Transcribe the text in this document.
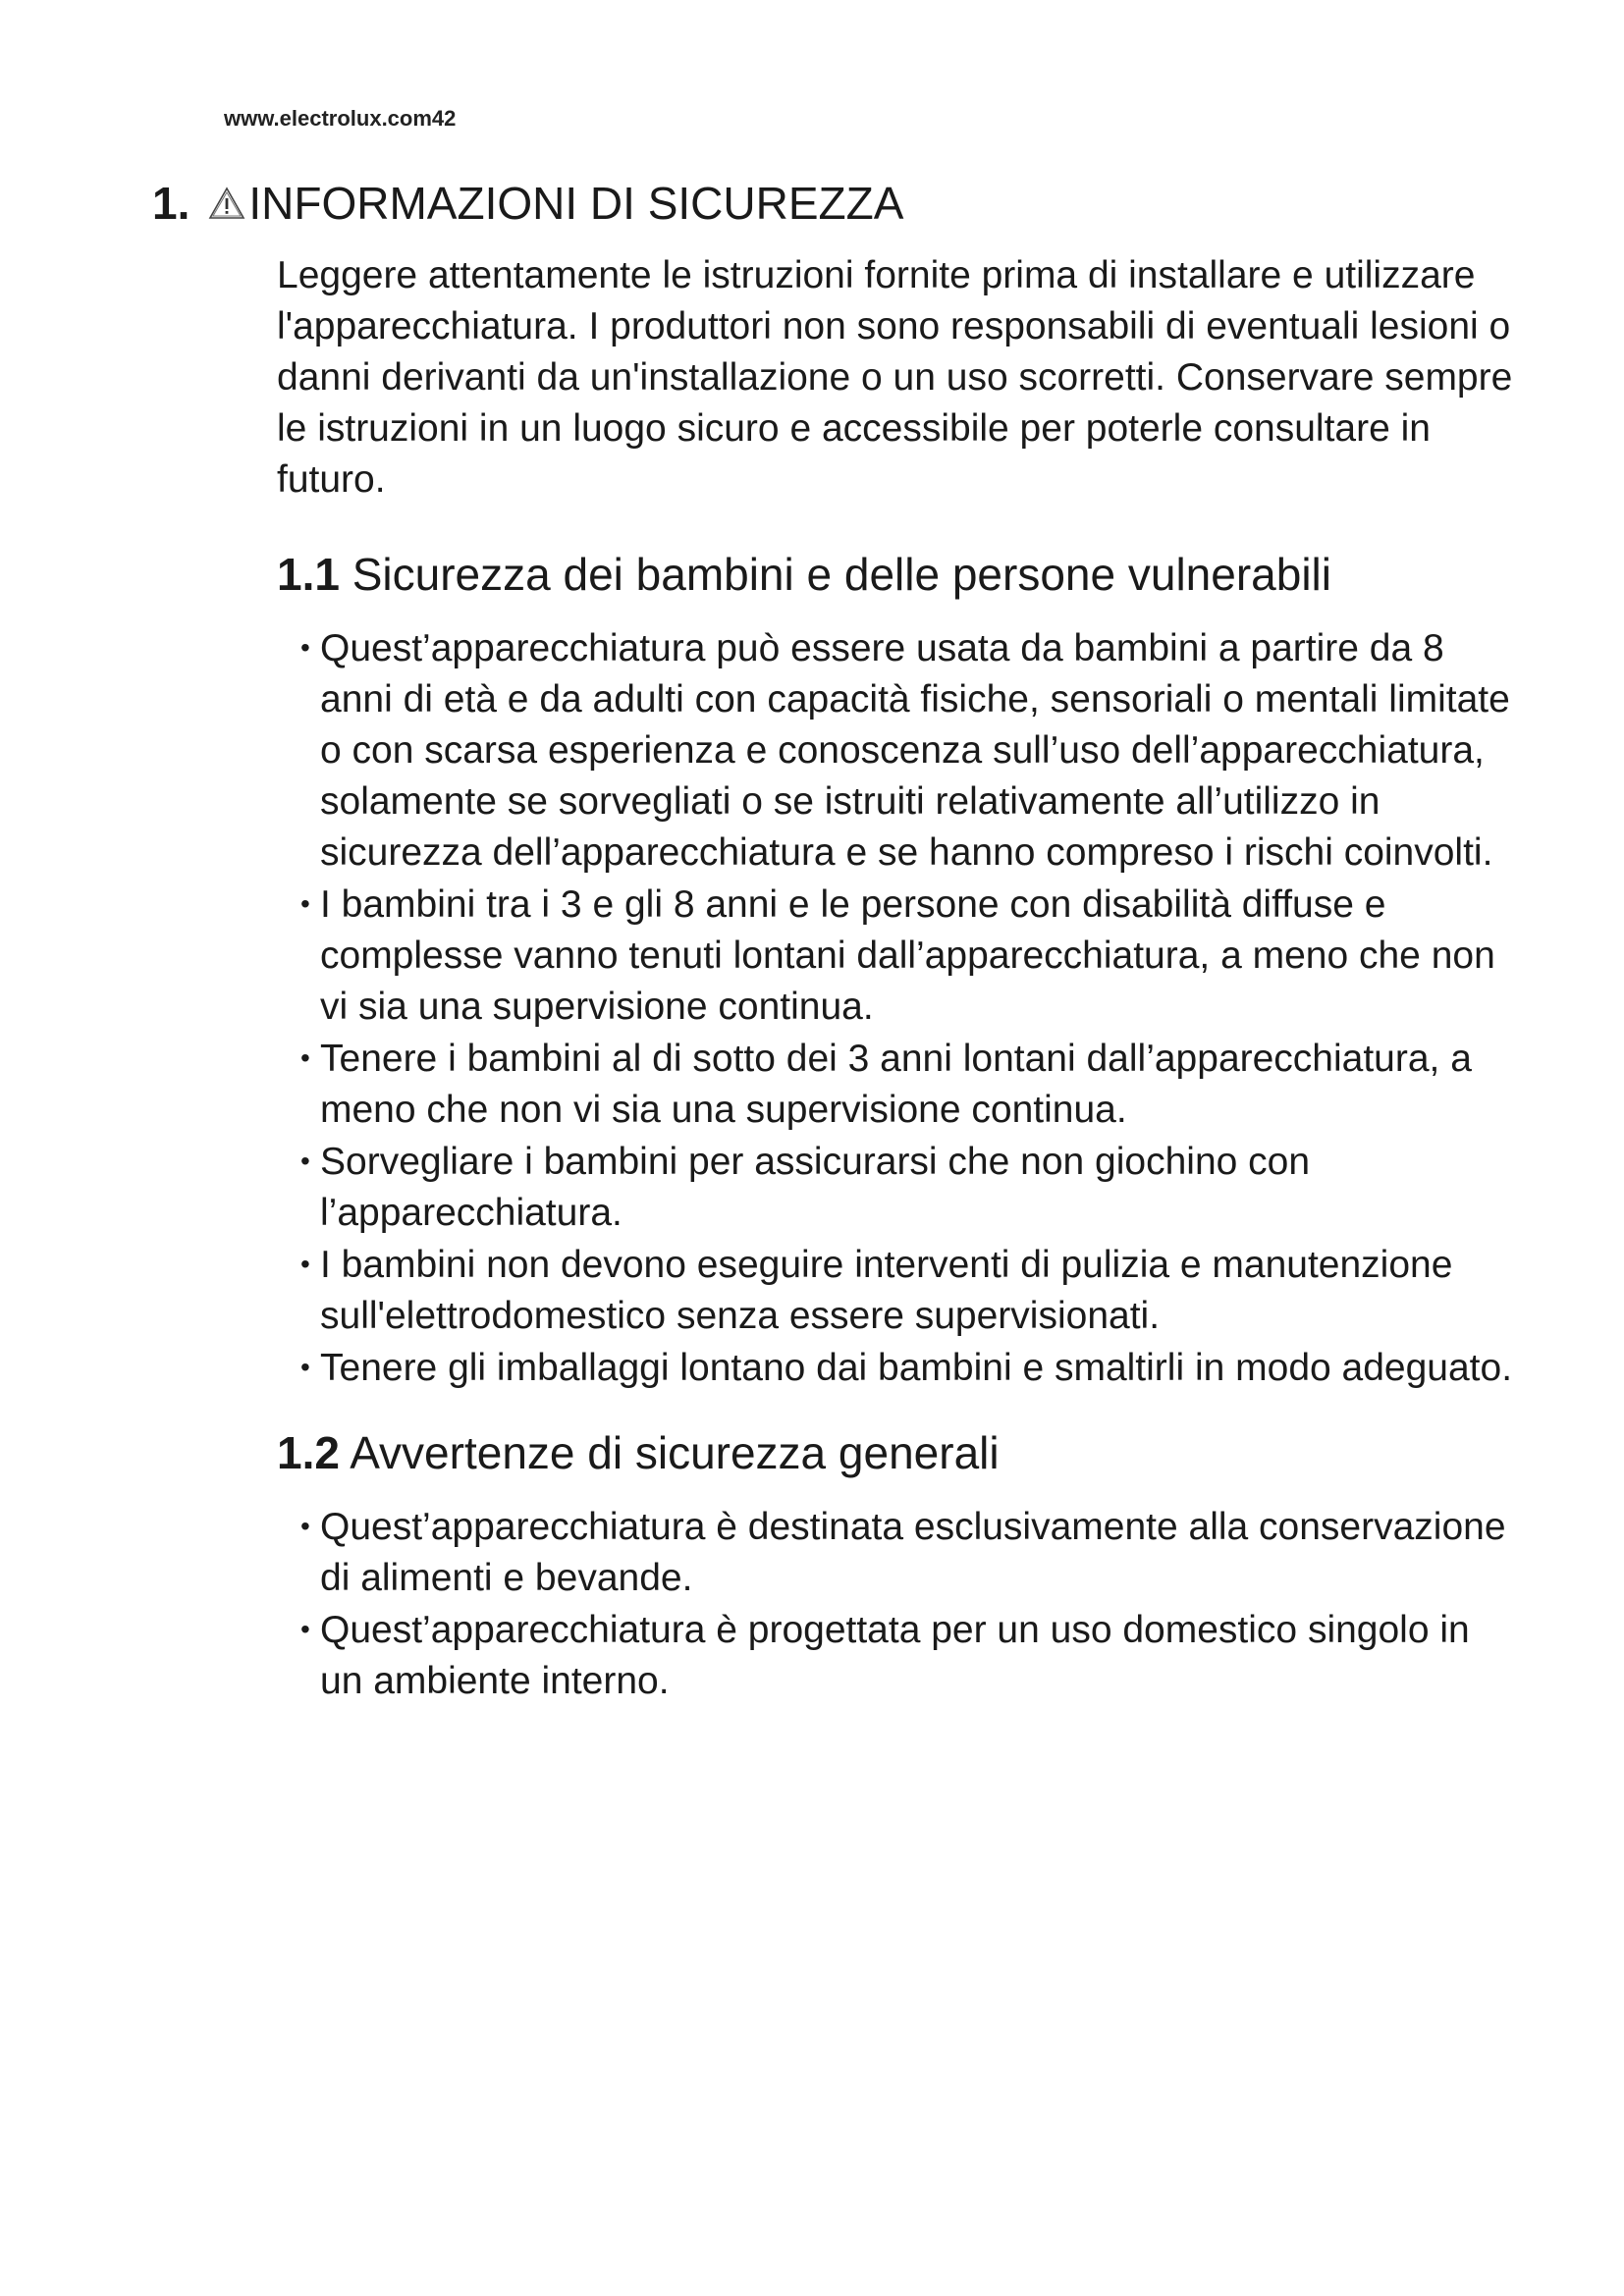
www.electrolux.com42
1. INFORMAZIONI DI SICUREZZA

Leggere attentamente le istruzioni fornite prima di installare e utilizzare l'apparecchiatura. I produttori non sono responsabili di eventuali lesioni o danni derivanti da un'installazione o un uso scorretti. Conservare sempre le istruzioni in un luogo sicuro e accessibile per poterle consultare in futuro.

1.1 Sicurezza dei bambini e delle persone vulnerabili
• Quest’apparecchiatura può essere usata da bambini a partire da 8 anni di età e da adulti con capacità fisiche, sensoriali o mentali limitate o con scarsa esperienza e conoscenza sull’uso dell’apparecchiatura, solamente se sorvegliati o se istruiti relativamente all’utilizzo in sicurezza dell’apparecchiatura e se hanno compreso i rischi coinvolti.
• I bambini tra i 3 e gli 8 anni e le persone con disabilità diffuse e complesse vanno tenuti lontani dall’apparecchiatura, a meno che non vi sia una supervisione continua.
• Tenere i bambini al di sotto dei 3 anni lontani dall’apparecchiatura, a meno che non vi sia una supervisione continua.
• Sorvegliare i bambini per assicurarsi che non giochino con l’apparecchiatura.
• I bambini non devono eseguire interventi di pulizia e manutenzione sull'elettrodomestico senza essere supervisionati.
• Tenere gli imballaggi lontano dai bambini e smaltirli in modo adeguato.
1.2 Avvertenze di sicurezza generali
• Quest’apparecchiatura è destinata esclusivamente alla conservazione di alimenti e bevande.
• Quest’apparecchiatura è progettata per un uso domestico singolo in un ambiente interno.
